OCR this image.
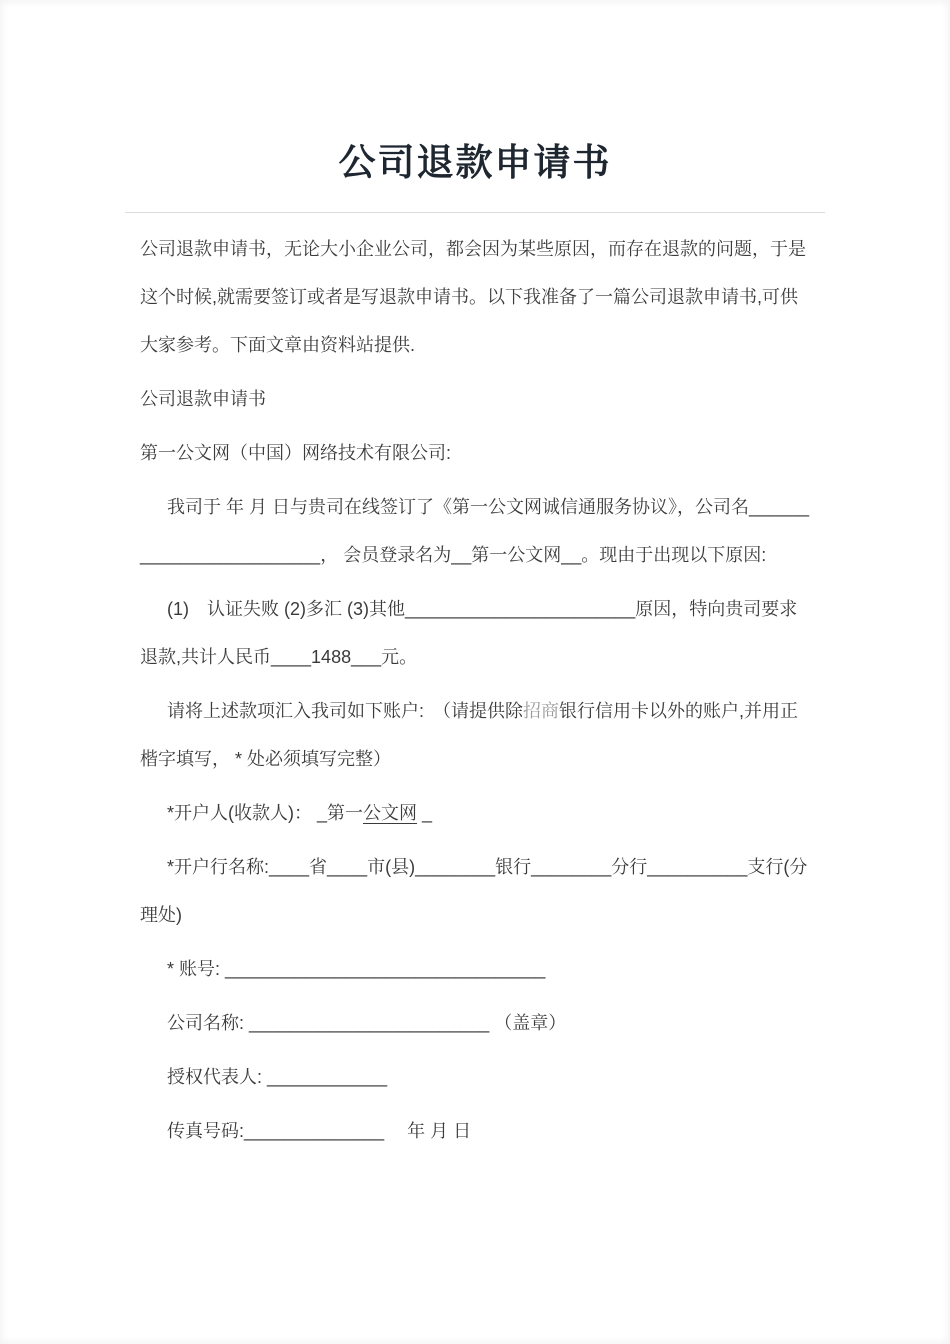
公司退款申请书

公司退款申请书，无论大小企业公司，都会因为某些原因，而存在退款的问题，于是这个时候,就需要签订或者是写退款申请书。以下我准备了一篇公司退款申请书,可供大家参考。下面文章由资料站提供.

公司退款申请书

第一公文网（中国）网络技术有限公司:

我司于 年 月 日与贵司在线签订了《第一公文网诚信通服务协议》，公司名________________________， 会员登录名为__第一公文网__。现由于出现以下原因:

(1)　认证失败 (2)多汇 (3)其他_______________________原因，特向贵司要求退款,共计人民币____1488___元。

请将上述款项汇入我司如下账户:　（请提供除招商银行信用卡以外的账户,并用正楷字填写， * 处必须填写完整）

*开户人(收款人)： _第一公文网 _

*开户行名称:____省____市(县)________银行________分行__________支行(分理处)

* 账号: ________________________________

公司名称: ________________________ （盖章）

授权代表人: ____________

传真号码:______________　 年 月 日
